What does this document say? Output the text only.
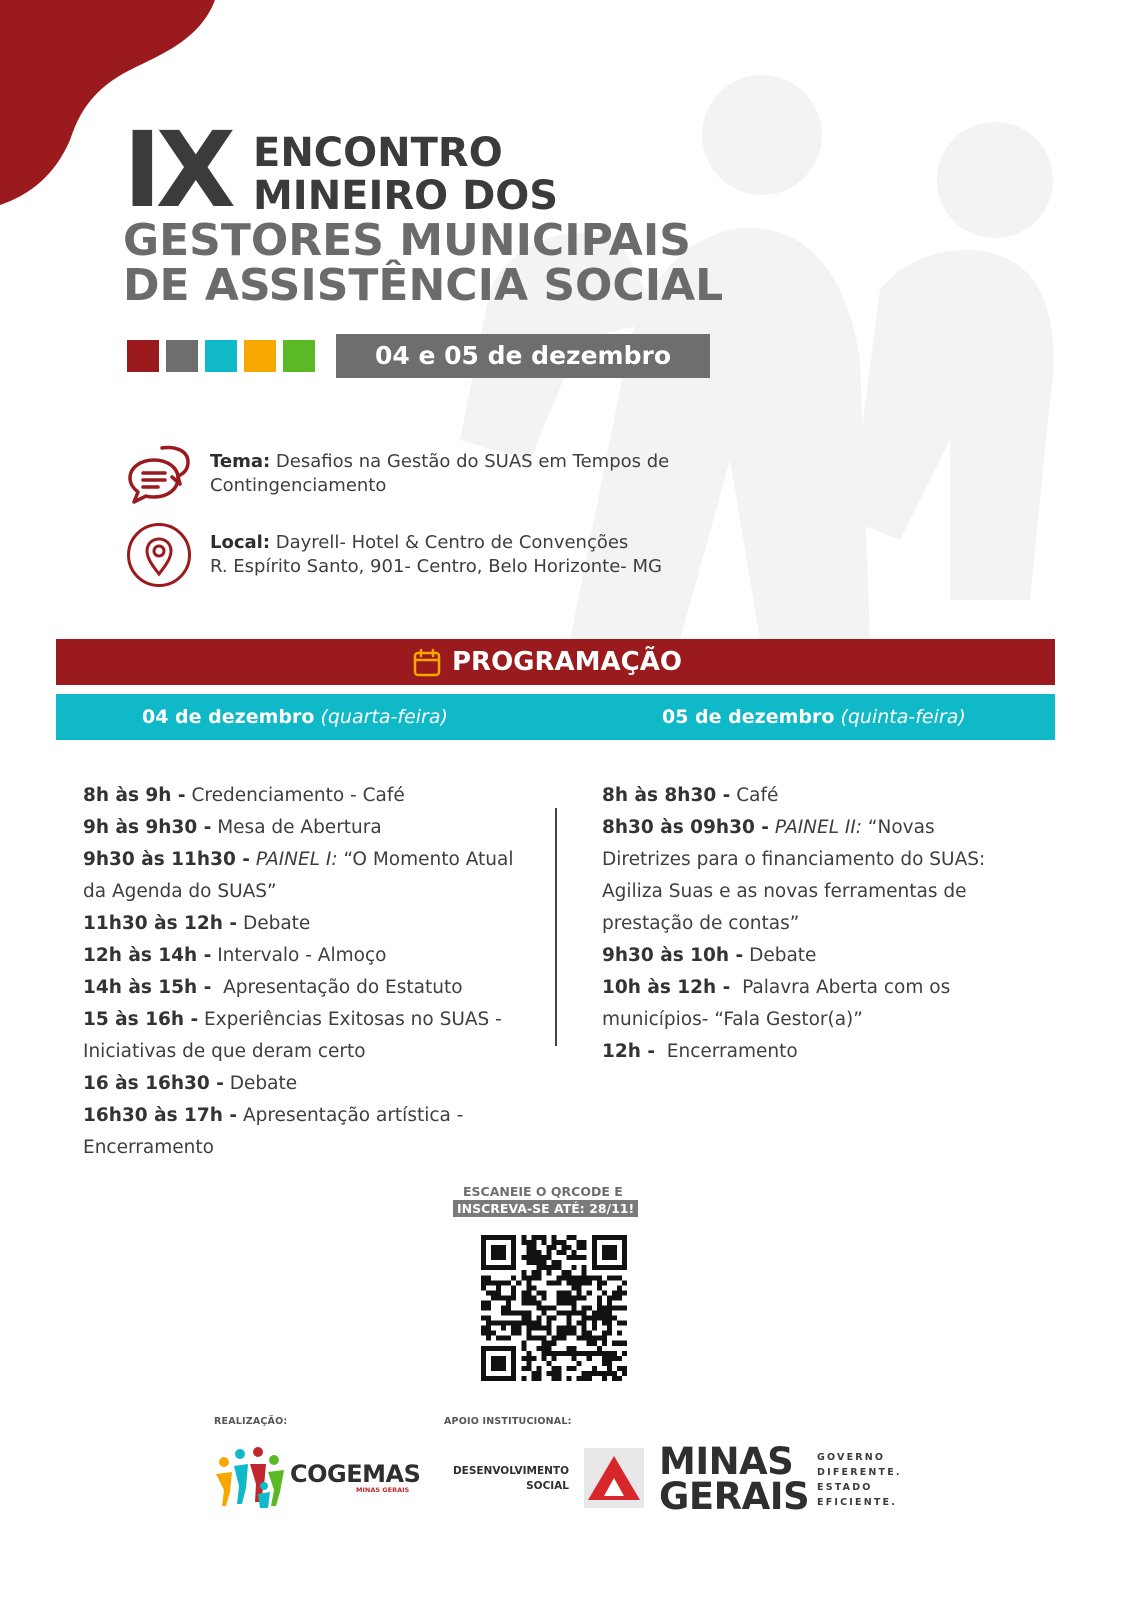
IX ENCONTRO
MINEIRO DOS
GESTORES MUNICIPAIS
DE ASSISTÊNCIA SOCIAL
04 e 05 de dezembro
Tema: Desafios na Gestão do SUAS em Tempos de
Contingenciamento
Local: Dayrell- Hotel & Centro de Convenções
R. Espírito Santo, 901- Centro, Belo Horizonte- MG
PROGRAMAÇÃO
04 de dezembro (quarta-feira)	05 de dezembro (quinta-feira)
8h às 9h - Credenciamento - Café
9h às 9h30 - Mesa de Abertura
9h30 às 11h30 - PAINEL I: “O Momento Atual
da Agenda do SUAS”
11h30 às 12h - Debate
12h às 14h - Intervalo - Almoço
14h às 15h -  Apresentação do Estatuto
15 às 16h - Experiências Exitosas no SUAS -
Iniciativas de que deram certo
16 às 16h30 - Debate
16h30 às 17h - Apresentação artística -
Encerramento
8h às 8h30 - Café
8h30 às 09h30 - PAINEL II: “Novas
Diretrizes para o financiamento do SUAS:
Agiliza Suas e as novas ferramentas de
prestação de contas”
9h30 às 10h - Debate
10h às 12h -  Palavra Aberta com os
municípios- “Fala Gestor(a)”
12h -  Encerramento
ESCANEIE O QRCODE E
INSCREVA-SE ATÉ: 28/11!
REALIZAÇÃO:	APOIO INSTITUCIONAL:
COGEMAS
MINAS GERAIS
DESENVOLVIMENTO
SOCIAL
MINAS
GERAIS
GOVERNO
DIFERENTE.
ESTADO
EFICIENTE.
